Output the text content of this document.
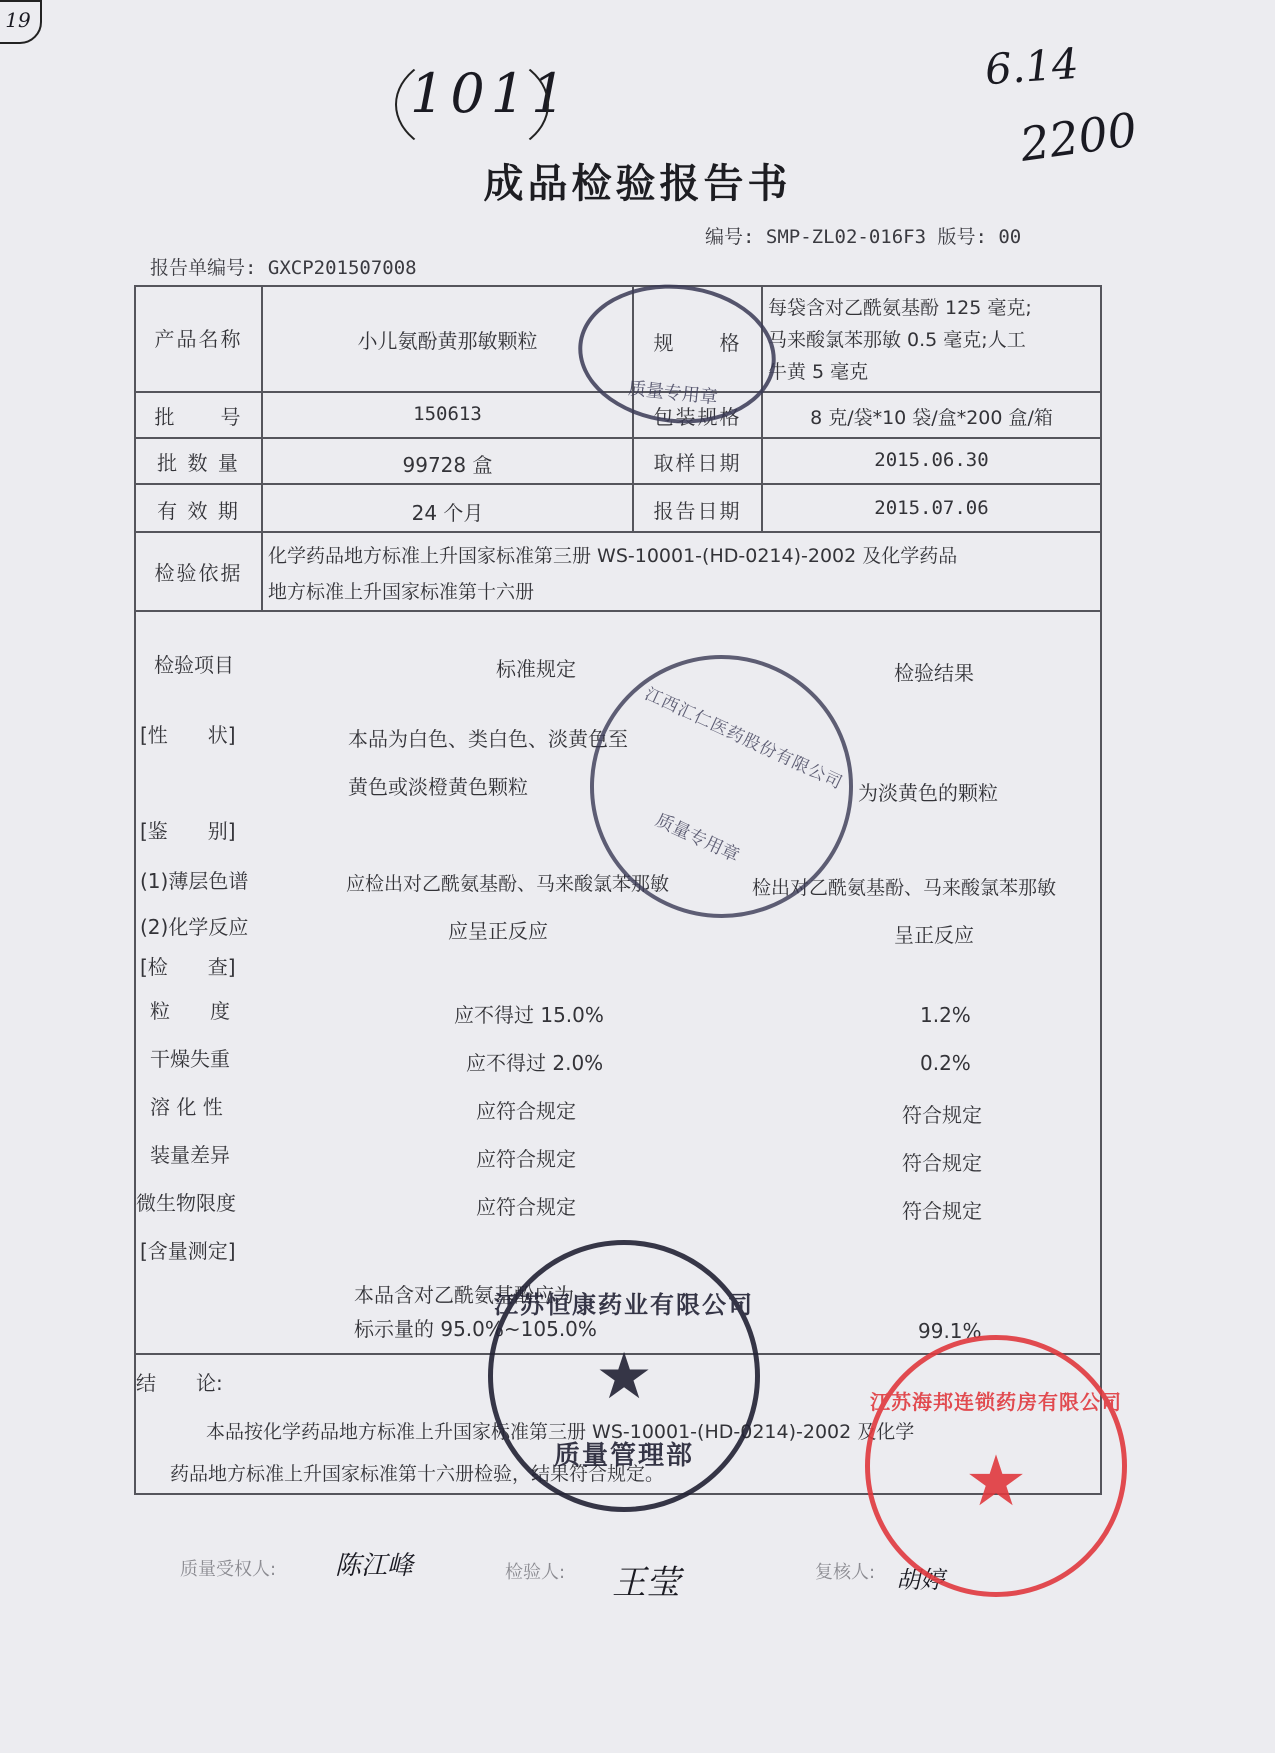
19
1011	6.14
2200
成品检验报告书
编号: SMP-ZL02-016F3 版号: 00
报告单编号: GXCP201507008
产品名称	小儿氨酚黄那敏颗粒	规　　格
每袋含对乙酰氨基酚 125 毫克;
马来酸氯苯那敏 0.5 毫克;人工
牛黄 5 毫克
批　　号	150613	包装规格	8 克/袋*10 袋/盒*200 盒/箱
批 数 量	99728 盒	取样日期	2015.06.30
有 效 期	24 个月	报告日期	2015.07.06
检验依据
化学药品地方标准上升国家标准第三册 WS-10001-(HD-0214)-2002 及化学药品
地方标准上升国家标准第十六册
检验项目	标准规定	检验结果
[性　　状]	本品为白色、类白色、淡黄色至
黄色或淡橙黄色颗粒	为淡黄色的颗粒
[鉴　　别]
(1)薄层色谱	应检出对乙酰氨基酚、马来酸氯苯那敏	检出对乙酰氨基酚、马来酸氯苯那敏
(2)化学反应	应呈正反应	呈正反应
[检　　查]
粒　　度	应不得过 15.0%	1.2%
干燥失重	应不得过 2.0%	0.2%
溶 化 性	应符合规定	符合规定
装量差异	应符合规定	符合规定
微生物限度	应符合规定	符合规定
[含量测定]
本品含对乙酰氨基酚应为
标示量的 95.0%~105.0%	99.1%
结　　论:
本品按化学药品地方标准上升国家标准第三册 WS-10001-(HD-0214)-2002 及化学
药品地方标准上升国家标准第十六册检验，结果符合规定。
质量受权人: 陈江峰	检验人: 王莹	复核人: 胡婷
质量专用章
江西汇仁医药股份有限公司
质量专用章
江苏恒康药业有限公司
★
质量管理部
江苏海邦连锁药房有限公司
★
